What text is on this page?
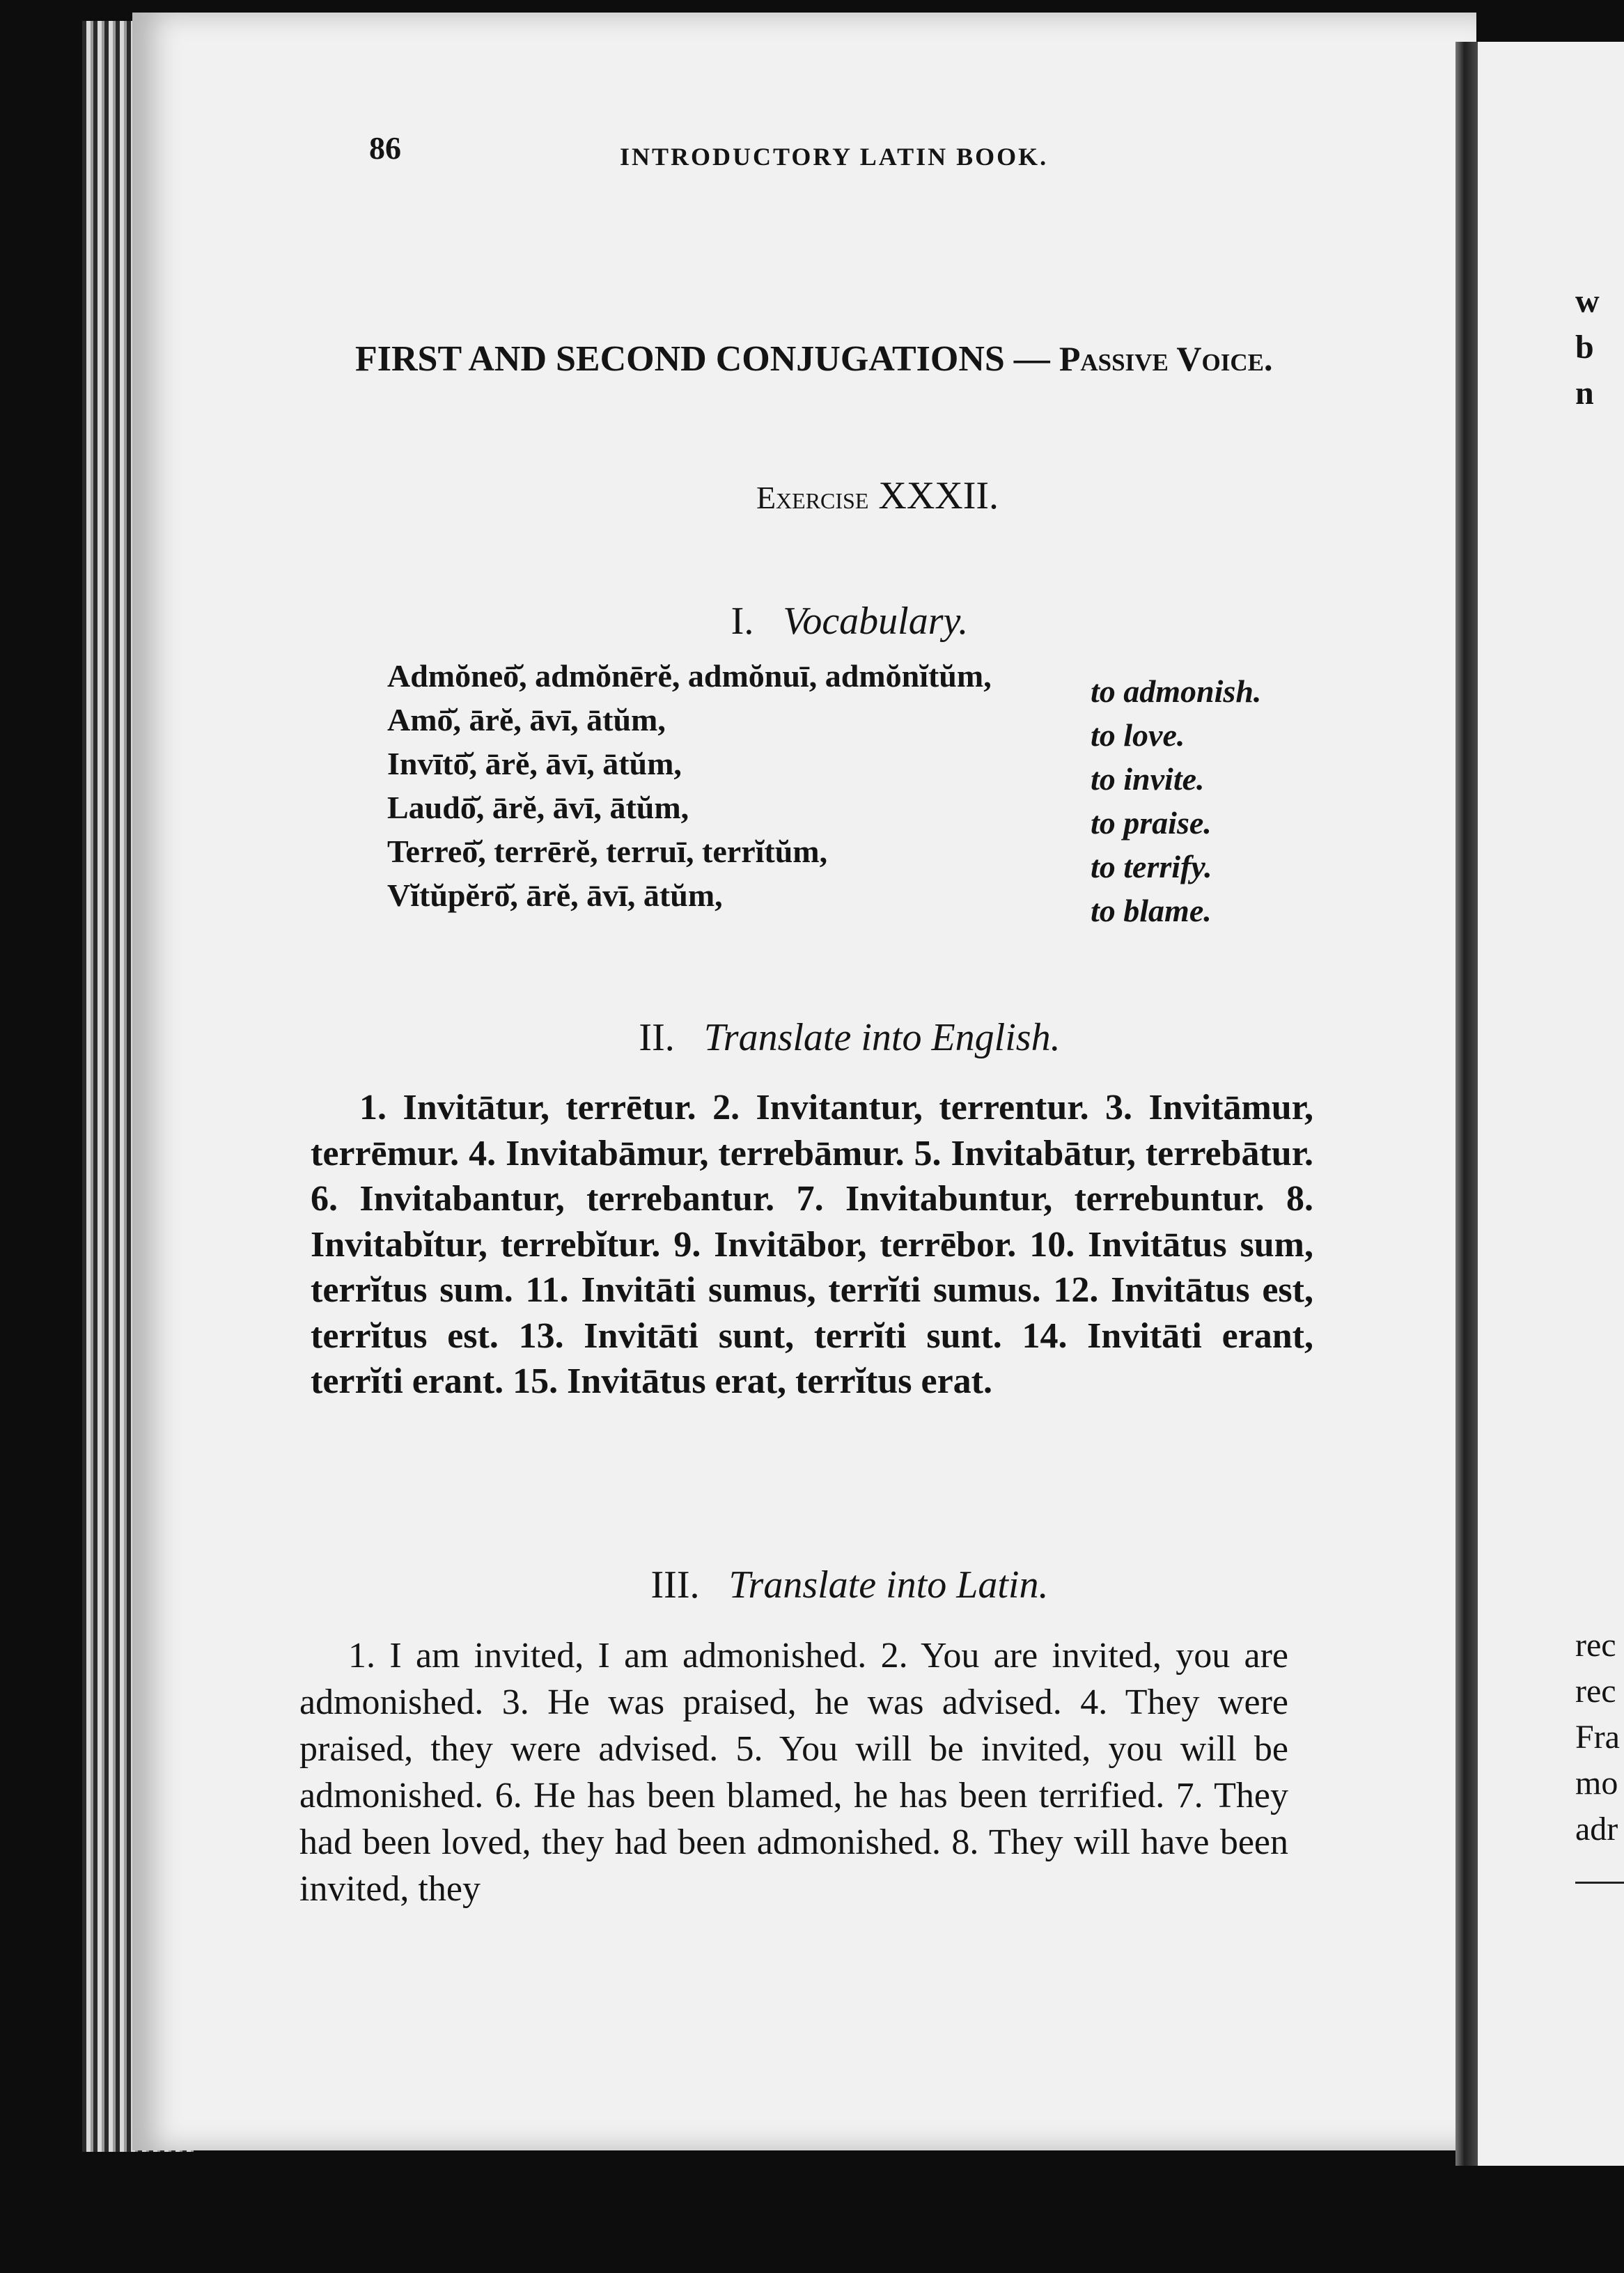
w
b
n
rec
rec
Fra
mo
adr
86	INTRODUCTORY LATIN BOOK.
FIRST AND SECOND CONJUGATIONS — Passive Voice.
Exercise XXXII.
I. Vocabulary.
Admŏneō̆, admŏnērĕ, admŏnuī, admŏnĭtŭm,	to admonish.
Amō̆, ārĕ, āvī, ātŭm,	to love.
Invītō̆, ārĕ, āvī, ātŭm,	to invite.
Laudō̆, ārĕ, āvī, ātŭm,	to praise.
Terreō̆, terrērĕ, terruī, terrĭtŭm,	to terrify.
Vĭtŭpĕrō̆, ārĕ, āvī, ātŭm,	to blame.
II. Translate into English.
1. Invitātur, terrētur. 2. Invitantur, terrentur. 3. Invitāmur, terrēmur. 4. Invitabāmur, terrebāmur. 5. Invitabātur, terrebātur. 6. Invitabantur, terrebantur. 7. Invitabuntur, terrebuntur. 8. Invitabĭtur, terrebĭtur. 9. Invitābor, terrēbor. 10. Invitātus sum, terrĭtus sum. 11. Invitāti sumus, terrĭti sumus. 12. Invitātus est, terrĭtus est. 13. Invitāti sunt, terrĭti sunt. 14. Invitāti erant, terrĭti erant. 15. Invitātus erat, terrĭtus erat.
III. Translate into Latin.
1. I am invited, I am admonished. 2. You are invited, you are admonished. 3. He was praised, he was advised. 4. They were praised, they were advised. 5. You will be invited, you will be admonished. 6. He has been blamed, he has been terrified. 7. They had been loved, they had been admonished. 8. They will have been invited, they
